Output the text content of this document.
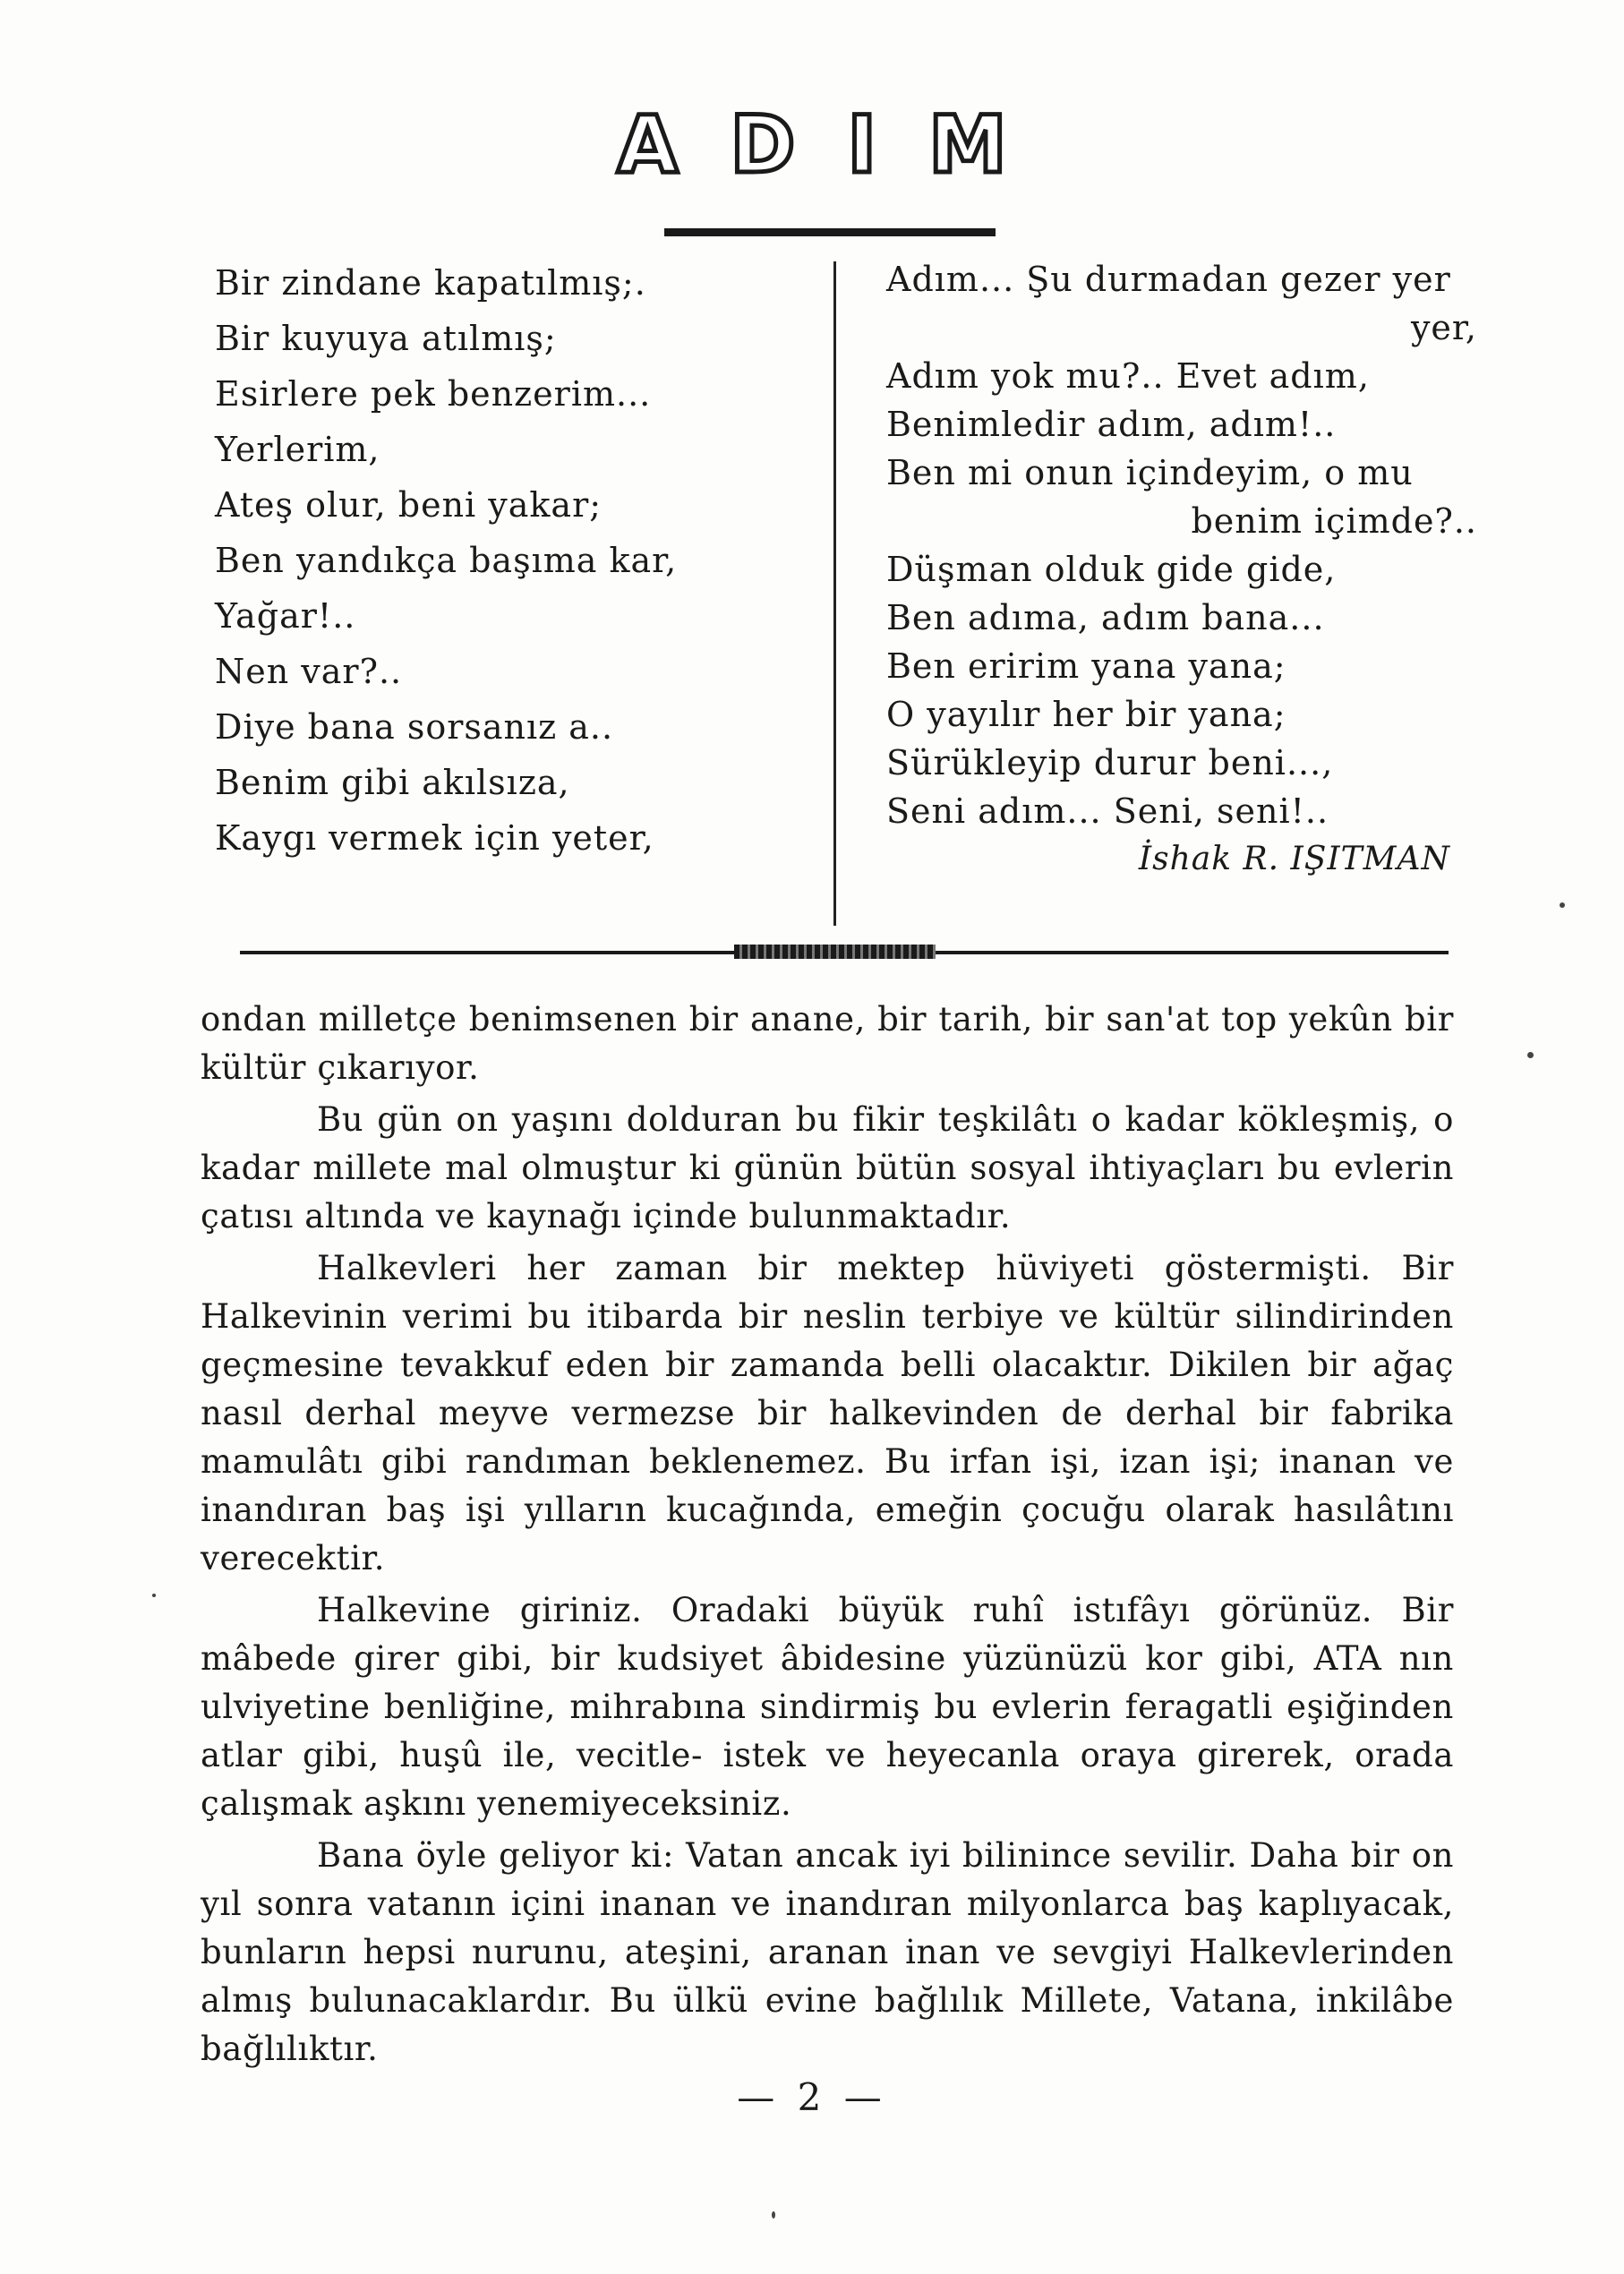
ADIM
Bir zindane kapatılmış;.
Bir kuyuya atılmış;
Esirlere pek benzerim...
Yerlerim,
Ateş olur, beni yakar;
Ben yandıkça başıma kar,
Yağar!..
Nen var?..
Diye bana sorsanız a..
Benim gibi akılsıza,
Kaygı vermek için yeter,
Adım... Şu durmadan gezer yer
yer,
Adım yok mu?.. Evet adım,
Benimledir adım, adım!..
Ben mi onun içindeyim, o mu
benim içimde?..
Düşman olduk gide gide,
Ben adıma, adım bana...
Ben eririm yana yana;
O yayılır her bir yana;
Sürükleyip durur beni...,
Seni adım... Seni, seni!..
İshak R. IŞITMAN

ondan milletçe benimsenen bir anane, bir tarih, bir san'at top yekûn bir kültür çıkarıyor.

Bu gün on yaşını dolduran bu fikir teşkilâtı o kadar kökleşmiş, o kadar millete mal olmuştur ki günün bütün sosyal ihtiyaçları bu evlerin çatısı altında ve kaynağı içinde bulunmaktadır.

Halkevleri her zaman bir mektep hüviyeti göstermişti. Bir Halkevinin verimi bu itibarda bir neslin terbiye ve kültür silindirinden geçmesine tevakkuf eden bir zamanda belli olacaktır. Dikilen bir ağaç nasıl derhal meyve vermezse bir halkevinden de derhal bir fabrika mamulâtı gibi randıman beklenemez. Bu irfan işi, izan işi; inanan ve inandıran baş işi yılların kucağında, emeğin çocuğu olarak hasılâtını verecektir.

Halkevine giriniz. Oradaki büyük ruhî istıfâyı görünüz. Bir mâbede girer gibi, bir kudsiyet âbidesine yüzünüzü kor gibi, ATA nın ulviyetine benliğine, mihrabına sindirmiş bu evlerin feragatli eşiğinden atlar gibi, huşû ile, vecitle- istek ve heyecanla oraya girerek, orada çalışmak aşkını yenemiyeceksiniz.

Bana öyle geliyor ki: Vatan ancak iyi bilinince sevilir. Daha bir on yıl sonra vatanın içini inanan ve inandıran milyonlarca baş kaplıyacak, bunların hepsi nurunu, ateşini, aranan inan ve sevgiyi Halkevlerinden almış bulunacaklardır. Bu ülkü evine bağlılık Millete, Vatana, inkilâbe bağlılıktır.

— 2 —
